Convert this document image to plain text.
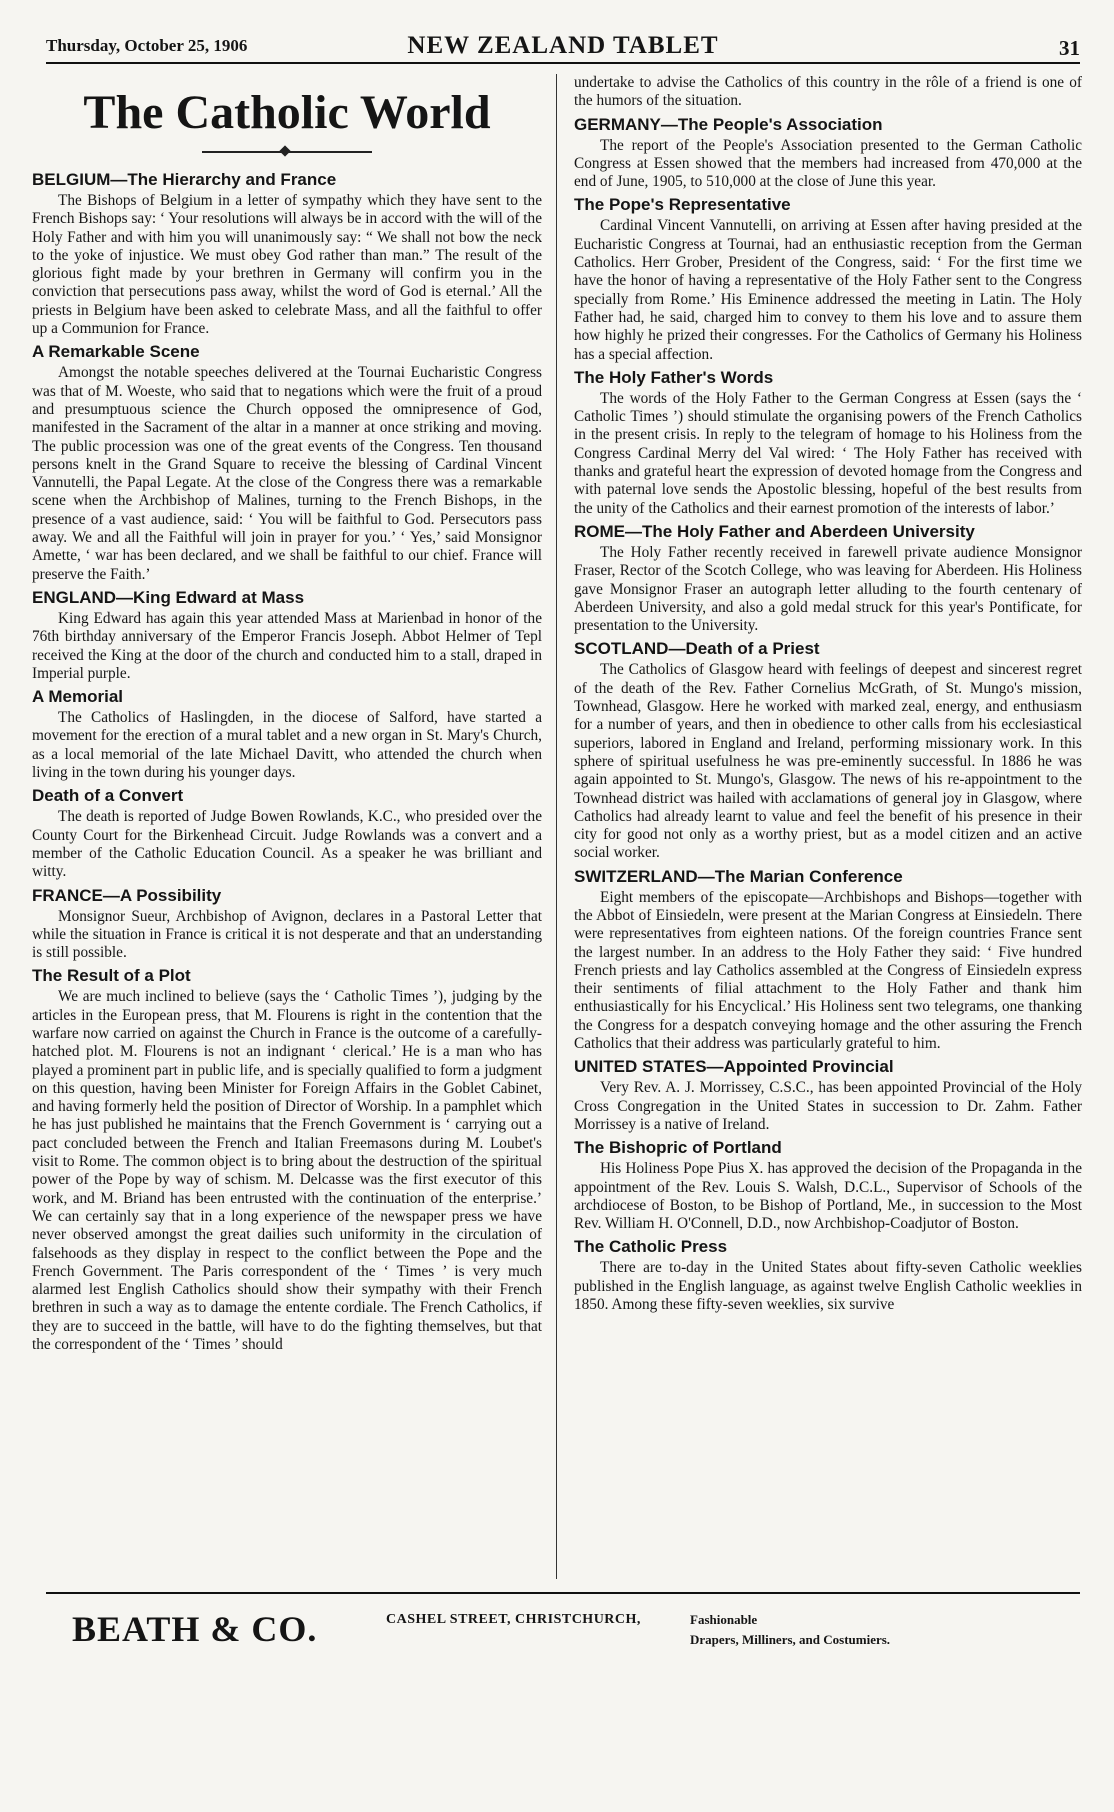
Thursday, October 25, 1906	NEW ZEALAND TABLET	31
The Catholic World
BELGIUM—The Hierarchy and France

The Bishops of Belgium in a letter of sympathy which they have sent to the French Bishops say: ‘ Your resolutions will always be in accord with the will of the Holy Father and with him you will unanimously say: “ We shall not bow the neck to the yoke of injustice. We must obey God rather than man.” The result of the glorious fight made by your brethren in Germany will confirm you in the conviction that persecutions pass away, whilst the word of God is eternal.’ All the priests in Belgium have been asked to celebrate Mass, and all the faithful to offer up a Communion for France.

A Remarkable Scene

Amongst the notable speeches delivered at the Tournai Eucharistic Congress was that of M. Woeste, who said that to negations which were the fruit of a proud and presumptuous science the Church opposed the omnipresence of God, manifested in the Sacrament of the altar in a manner at once striking and moving. The public procession was one of the great events of the Congress. Ten thousand persons knelt in the Grand Square to receive the blessing of Cardinal Vincent Vannutelli, the Papal Legate. At the close of the Congress there was a remarkable scene when the Archbishop of Malines, turning to the French Bishops, in the presence of a vast audience, said: ‘ You will be faithful to God. Persecutors pass away. We and all the Faithful will join in prayer for you.’ ‘ Yes,’ said Monsignor Amette, ‘ war has been declared, and we shall be faithful to our chief. France will preserve the Faith.’

ENGLAND—King Edward at Mass

King Edward has again this year attended Mass at Marienbad in honor of the 76th birthday anniversary of the Emperor Francis Joseph. Abbot Helmer of Tepl received the King at the door of the church and conducted him to a stall, draped in Imperial purple.

A Memorial

The Catholics of Haslingden, in the diocese of Salford, have started a movement for the erection of a mural tablet and a new organ in St. Mary's Church, as a local memorial of the late Michael Davitt, who attended the church when living in the town during his younger days.

Death of a Convert

The death is reported of Judge Bowen Rowlands, K.C., who presided over the County Court for the Birkenhead Circuit. Judge Rowlands was a convert and a member of the Catholic Education Council. As a speaker he was brilliant and witty.

FRANCE—A Possibility

Monsignor Sueur, Archbishop of Avignon, declares in a Pastoral Letter that while the situation in France is critical it is not desperate and that an understanding is still possible.

The Result of a Plot

We are much inclined to believe (says the ‘ Catholic Times ’), judging by the articles in the European press, that M. Flourens is right in the contention that the warfare now carried on against the Church in France is the outcome of a carefully-hatched plot. M. Flourens is not an indignant ‘ clerical.’ He is a man who has played a prominent part in public life, and is specially qualified to form a judgment on this question, having been Minister for Foreign Affairs in the Goblet Cabinet, and having formerly held the position of Director of Worship. In a pamphlet which he has just published he maintains that the French Government is ‘ carrying out a pact concluded between the French and Italian Freemasons during M. Loubet's visit to Rome. The common object is to bring about the destruction of the spiritual power of the Pope by way of schism. M. Delcasse was the first executor of this work, and M. Briand has been entrusted with the continuation of the enterprise.’ We can certainly say that in a long experience of the newspaper press we have never observed amongst the great dailies such uniformity in the circulation of falsehoods as they display in respect to the conflict between the Pope and the French Government. The Paris correspondent of the ‘ Times ’ is very much alarmed lest English Catholics should show their sympathy with their French brethren in such a way as to damage the entente cordiale. The French Catholics, if they are to succeed in the battle, will have to do the fighting themselves, but that the correspondent of the ‘ Times ’ should

undertake to advise the Catholics of this country in the rôle of a friend is one of the humors of the situation.

GERMANY—The People's Association

The report of the People's Association presented to the German Catholic Congress at Essen showed that the members had increased from 470,000 at the end of June, 1905, to 510,000 at the close of June this year.

The Pope's Representative

Cardinal Vincent Vannutelli, on arriving at Essen after having presided at the Eucharistic Congress at Tournai, had an enthusiastic reception from the German Catholics. Herr Grober, President of the Congress, said: ‘ For the first time we have the honor of having a representative of the Holy Father sent to the Congress specially from Rome.’ His Eminence addressed the meeting in Latin. The Holy Father had, he said, charged him to convey to them his love and to assure them how highly he prized their congresses. For the Catholics of Germany his Holiness has a special affection.

The Holy Father's Words

The words of the Holy Father to the German Congress at Essen (says the ‘ Catholic Times ’) should stimulate the organising powers of the French Catholics in the present crisis. In reply to the telegram of homage to his Holiness from the Congress Cardinal Merry del Val wired: ‘ The Holy Father has received with thanks and grateful heart the expression of devoted homage from the Congress and with paternal love sends the Apostolic blessing, hopeful of the best results from the unity of the Catholics and their earnest promotion of the interests of labor.’

ROME—The Holy Father and Aberdeen University

The Holy Father recently received in farewell private audience Monsignor Fraser, Rector of the Scotch College, who was leaving for Aberdeen. His Holiness gave Monsignor Fraser an autograph letter alluding to the fourth centenary of Aberdeen University, and also a gold medal struck for this year's Pontificate, for presentation to the University.

SCOTLAND—Death of a Priest

The Catholics of Glasgow heard with feelings of deepest and sincerest regret of the death of the Rev. Father Cornelius McGrath, of St. Mungo's mission, Townhead, Glasgow. Here he worked with marked zeal, energy, and enthusiasm for a number of years, and then in obedience to other calls from his ecclesiastical superiors, labored in England and Ireland, performing missionary work. In this sphere of spiritual usefulness he was pre-eminently successful. In 1886 he was again appointed to St. Mungo's, Glasgow. The news of his re-appointment to the Townhead district was hailed with acclamations of general joy in Glasgow, where Catholics had already learnt to value and feel the benefit of his presence in their city for good not only as a worthy priest, but as a model citizen and an active social worker.

SWITZERLAND—The Marian Conference

Eight members of the episcopate—Archbishops and Bishops—together with the Abbot of Einsiedeln, were present at the Marian Congress at Einsiedeln. There were representatives from eighteen nations. Of the foreign countries France sent the largest number. In an address to the Holy Father they said: ‘ Five hundred French priests and lay Catholics assembled at the Congress of Einsiedeln express their sentiments of filial attachment to the Holy Father and thank him enthusiastically for his Encyclical.’ His Holiness sent two telegrams, one thanking the Congress for a despatch conveying homage and the other assuring the French Catholics that their address was particularly grateful to him.

UNITED STATES—Appointed Provincial

Very Rev. A. J. Morrissey, C.S.C., has been appointed Provincial of the Holy Cross Congregation in the United States in succession to Dr. Zahm. Father Morrissey is a native of Ireland.

The Bishopric of Portland

His Holiness Pope Pius X. has approved the decision of the Propaganda in the appointment of the Rev. Louis S. Walsh, D.C.L., Supervisor of Schools of the archdiocese of Boston, to be Bishop of Portland, Me., in succession to the Most Rev. William H. O'Connell, D.D., now Archbishop-Coadjutor of Boston.

The Catholic Press

There are to-day in the United States about fifty-seven Catholic weeklies published in the English language, as against twelve English Catholic weeklies in 1850. Among these fifty-seven weeklies, six survive

BEATH & CO.	CASHEL STREET, CHRISTCHURCH,	Fashionable
Drapers, Milliners, and Costumiers.
